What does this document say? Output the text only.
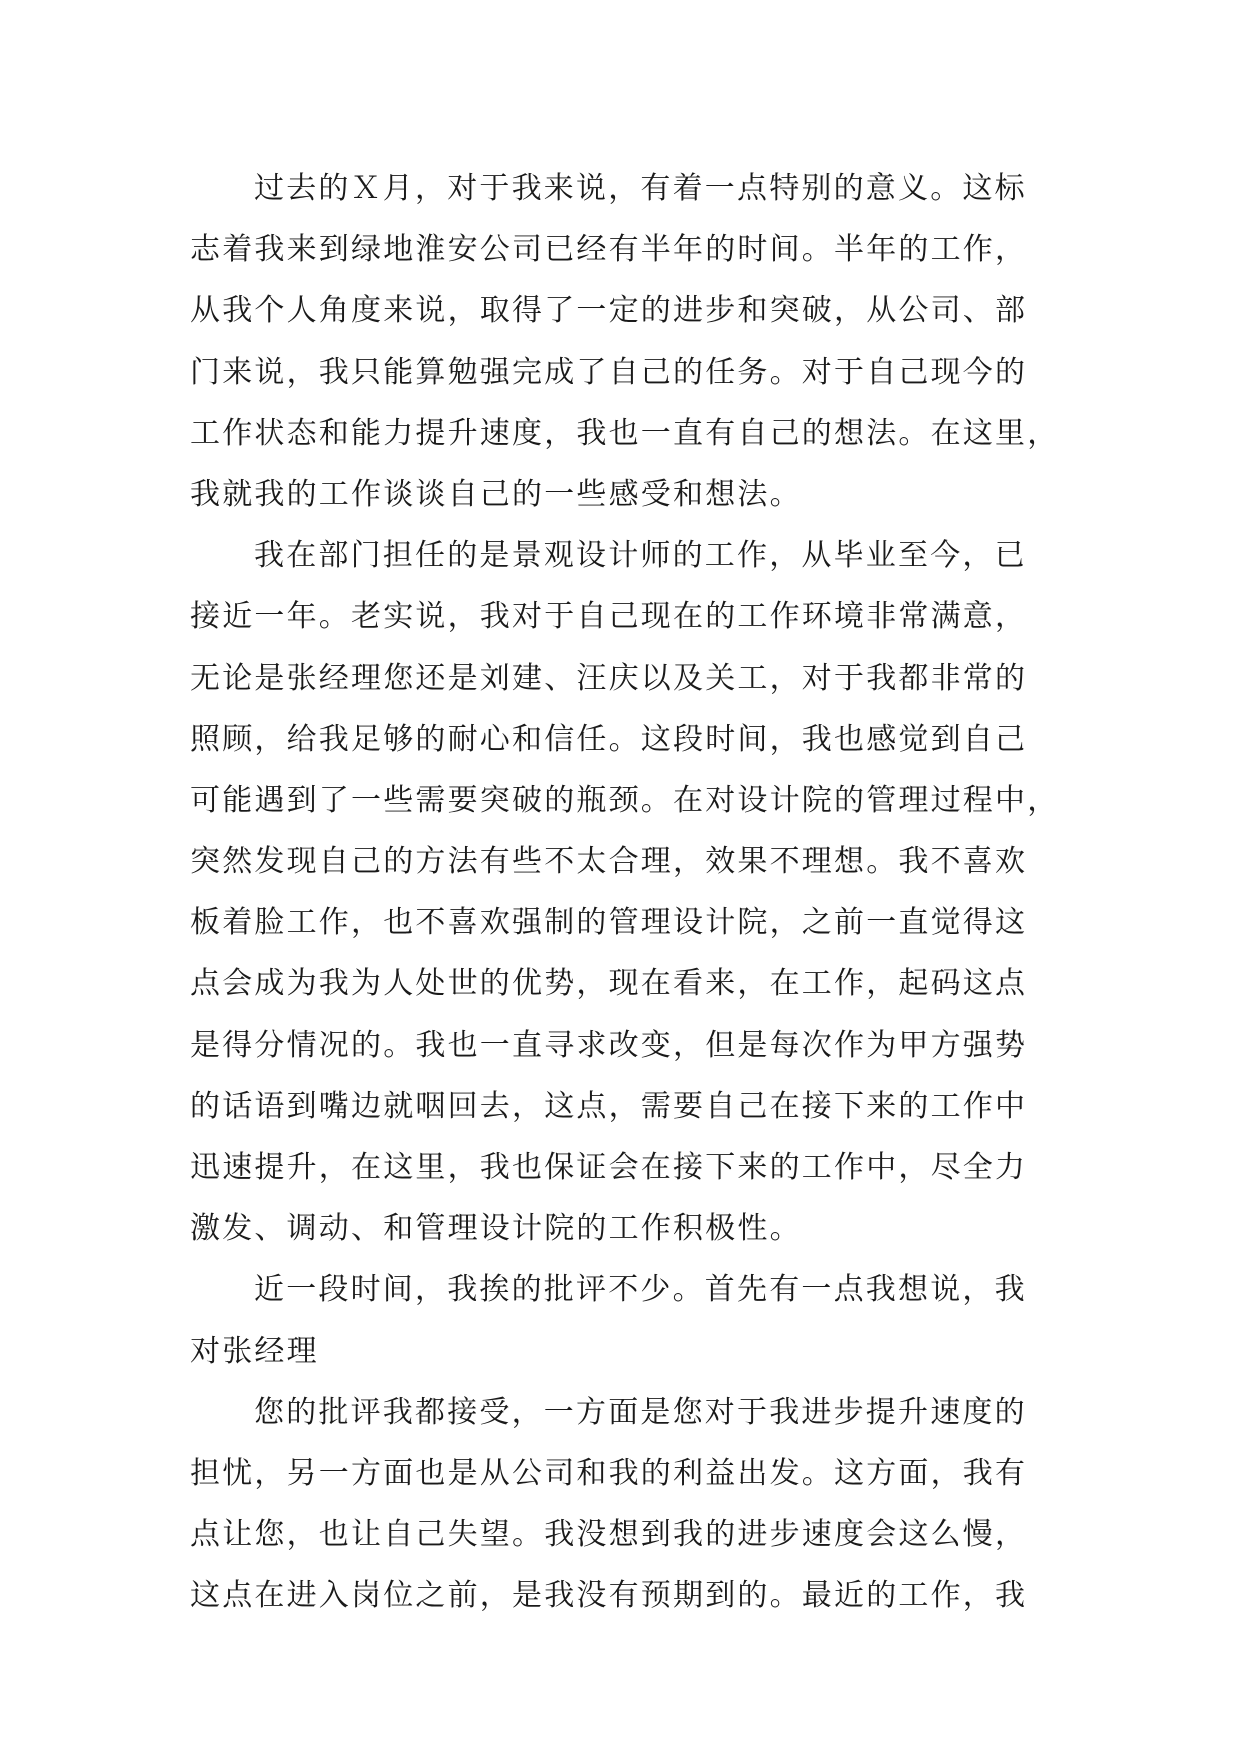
过去的Ｘ月，对于我来说，有着一点特别的意义。这标
志着我来到绿地淮安公司已经有半年的时间。半年的工作，
从我个人角度来说，取得了一定的进步和突破，从公司、部
门来说，我只能算勉强完成了自己的任务。对于自己现今的
工作状态和能力提升速度，我也一直有自己的想法。在这里，
我就我的工作谈谈自己的一些感受和想法。
我在部门担任的是景观设计师的工作，从毕业至今，已
接近一年。老实说，我对于自己现在的工作环境非常满意，
无论是张经理您还是刘建、汪庆以及关工，对于我都非常的
照顾，给我足够的耐心和信任。这段时间，我也感觉到自己
可能遇到了一些需要突破的瓶颈。在对设计院的管理过程中，
突然发现自己的方法有些不太合理，效果不理想。我不喜欢
板着脸工作，也不喜欢强制的管理设计院，之前一直觉得这
点会成为我为人处世的优势，现在看来，在工作，起码这点
是得分情况的。我也一直寻求改变，但是每次作为甲方强势
的话语到嘴边就咽回去，这点，需要自己在接下来的工作中
迅速提升，在这里，我也保证会在接下来的工作中，尽全力
激发、调动、和管理设计院的工作积极性。
近一段时间，我挨的批评不少。首先有一点我想说，我
对张经理
您的批评我都接受，一方面是您对于我进步提升速度的
担忧，另一方面也是从公司和我的利益出发。这方面，我有
点让您，也让自己失望。我没想到我的进步速度会这么慢，
这点在进入岗位之前，是我没有预期到的。最近的工作，我
